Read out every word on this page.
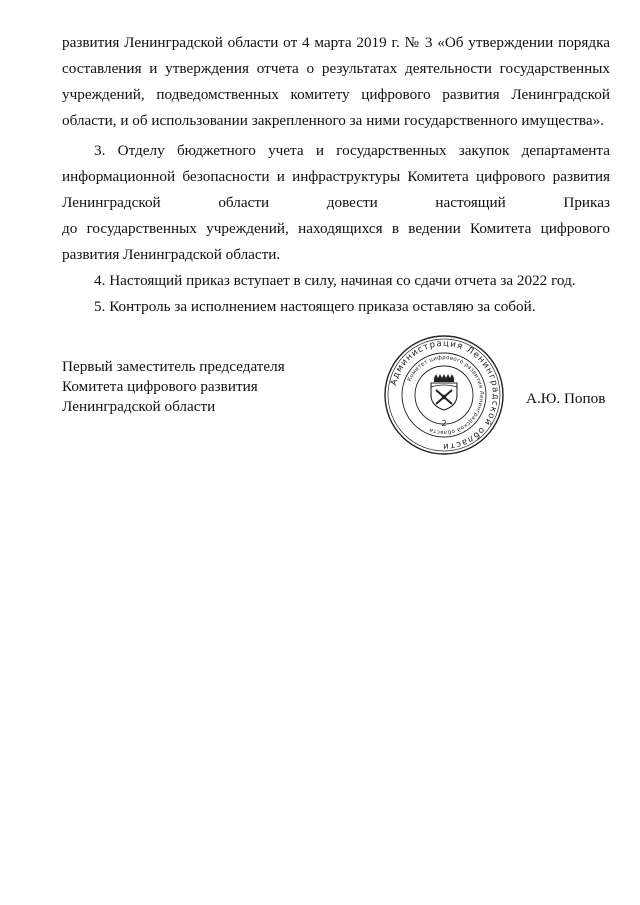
развития Ленинградской области от 4 марта 2019 г. № 3 «Об утверждении порядка
составления и утверждения отчета о результатах деятельности государственных
учреждений, подведомственных комитету цифрового развития Ленинградской
области, и об использовании закрепленного за ними государственного имущества».
3. Отделу бюджетного учета и государственных закупок департамента
информационной безопасности и инфраструктуры Комитета цифрового развития
Ленинградской	области	довести	настоящий	Приказ
до государственных учреждений, находящихся в ведении Комитета цифрового
развития Ленинградской области.
4. Настоящий приказ вступает в силу, начиная со сдачи отчета за 2022 год.
5. Контроль за исполнением настоящего приказа оставляю за собой.
Первый заместитель председателя
Комитета цифрового развития
Ленинградской области	А.Ю. Попов
Администрация Ленинградской области
Комитет цифрового развития Ленинградской области
2
